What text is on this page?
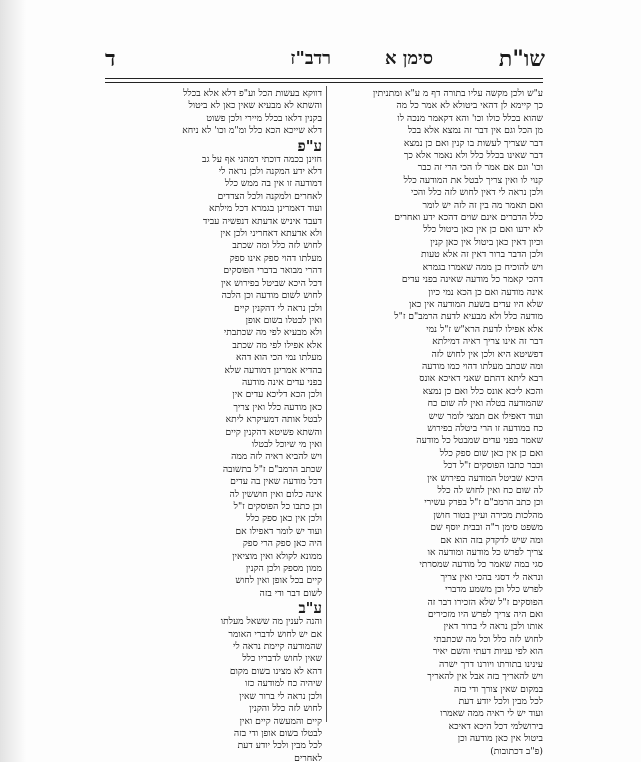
שו"ת
סימן א
רדב"ז
ד

ע"ש ולכן מקשה עליו בתורה דף מ ע"א ומתניתין

כך קיימא לן דהאי ביטולא לא אמר כל מה

שהוא בכלל כולו וכו' והא דקאמר מנכה לו

מן הכל וגם אין דבר זה נמצא אלא בכל

דבר שצריך לעשות בו קנין ואם כן נמצא

דבר שאינו בכלל כלל ולא נאמר אלא כך

וכו' וגם אם אמר לו הכי הרי זה כבר

קנוי לו ואין צריך לבטל את המודעה כלל

ולכן נראה לי דאין לחוש לזה כלל והכי

ואם תאמר מה בין זה לזה יש לומר

כלל הדברים אינם שוים דהכא ידע ואחרים

לא ידעו ואם כן אין כאן ביטול כלל

וכיון דאין כאן ביטול אין כאן קנין

ולכן הדבר ברור דאין זה אלא טעות

ויש להוכיח כן ממה שאמרו בגמרא

דהכי קאמר כל מודעה שאינה בפני עדים

אינה מודעה ואם כן הכא נמי כיון

שלא היו עדים בשעת המודעה אין כאן

מודעה כלל ולא מבעיא לדעת הרמב"ם ז"ל

אלא אפילו לדעת הרא"ש ז"ל נמי

דבר זה אינו צריך ראיה דמילתא

דפשיטא היא ולכן אין לחוש לזה

ומה שכתב מעלתו דהוי כמו מודעה

רבא ליתא דהתם שאני דאיכא אונס

והכא ליכא אונס כלל ואם כן נמצא

שהמודעה בטלה ואין לה שום כח

ועוד דאפילו אם תמצי לומר שיש

כח במודעה זו הרי ביטלה בפירוש

שאמר בפני עדים שמבטל כל מודעה

ואם כן אין כאן שום ספק כלל

וכבר כתבו הפוסקים ז"ל דכל

היכא שביטל המודעה בפירוש אין

לה שום כח ואין לחוש לה כלל

וכן כתב הרמב"ם ז"ל בפרק עשירי

מהלכות מכירה ועיין בטור חושן

משפט סימן ר"ה ובבית יוסף שם

ומה שיש לדקדק בזה הוא אם

צריך לפרש כל מודעה ומודעה או

סגי במה שאמר כל מודעה שמסרתי

ונראה לי דסגי בהכי ואין צריך

לפרש כלל וכן משמע מדברי

הפוסקים ז"ל שלא הזכירו דבר זה

ואם היה צריך לפרש היו מזכירים

אותו ולכן נראה לי ברור דאין

לחוש לזה כלל וכל מה שכתבתי

הוא לפי עניות דעתי והשם יאיר

עינינו בתורתו ויורנו דרך ישרה

ויש להאריך בזה אבל אין להאריך

במקום שאין צורך ודי בזה

לכל מבין ולכל יודע דעת

ועוד יש לי ראיה ממה שאמרו

בירושלמי דכל היכא דאיכא

ביטול אין כאן מודעה וכן

(פ"ב דכתובות)

דווקא בעשות הכל וע"פ דלא אלא בכלל

והשתא לא מבעיא שאין כאן לא ביטול

בקנין דלאו בכלל מיירי ולכן פשוט

דלא שייכא הכא כלל ומ"מ וכו' לא ניחא

ע"פ

חזינן בכמה דוכתי דמהני אף על גב

דלא ידע המקנה ולכן נראה לי

דמודעה זו אין בה ממש כלל

לאחרים ולמקנה ולכל הצדדים

ועוד דאמרינן בגמרא דכל מילתא

דעבד איניש אדעתא דנפשיה עביד

ולא אדעתא דאחריני ולכן אין

לחוש לזה כלל ומה שכתב

מעלתו דהוי ספק אינו ספק

דהרי מבואר בדברי הפוסקים

דכל היכא שביטל בפירוש אין

לחוש לשום מודעה וכן הלכה

ולכן נראה לי דהקנין קיים

ואין לבטלו בשום אופן

ולא מבעיא לפי מה שכתבתי

אלא אפילו לפי מה שכתב

מעלתו נמי הכי הוא דהא

בהדיא אמרינן דמודעה שלא

בפני עדים אינה מודעה

ולכן הכא דליכא עדים אין

כאן מודעה כלל ואין צריך

לבטל אותה דמעיקרא ליתא

והשתא פשיטא דהקנין קיים

ואין מי שיוכל לבטלו

ויש להביא ראיה לזה ממה

שכתב הרמב"ם ז"ל בתשובה

דכל מודעה שאין בה עדים

אינה כלום ואין חוששין לה

וכן כתבו כל הפוסקים ז"ל

ולכן אין כאן ספק כלל

ועוד יש לומר דאפילו אם

היה כאן ספק הרי ספק

ממונא לקולא ואין מוציאין

ממון מספק ולכן הקנין

קיים בכל אופן ואין לחוש

לשום דבר ודי בזה

ע"ב

והנה לענין מה ששאל מעלתו

אם יש לחוש לדברי האומר

שהמודעה קיימת נראה לי

שאין לחוש לדבריו כלל

דהא לא מצינו בשום מקום

שיהיה כח למודעה כזו

ולכן נראה לי ברור שאין

לחוש לזה כלל והקנין

קיים והמעשה קיים ואין

לבטלו בשום אופן ודי בזה

לכל מבין ולכל יודע דעת

לאחרים
